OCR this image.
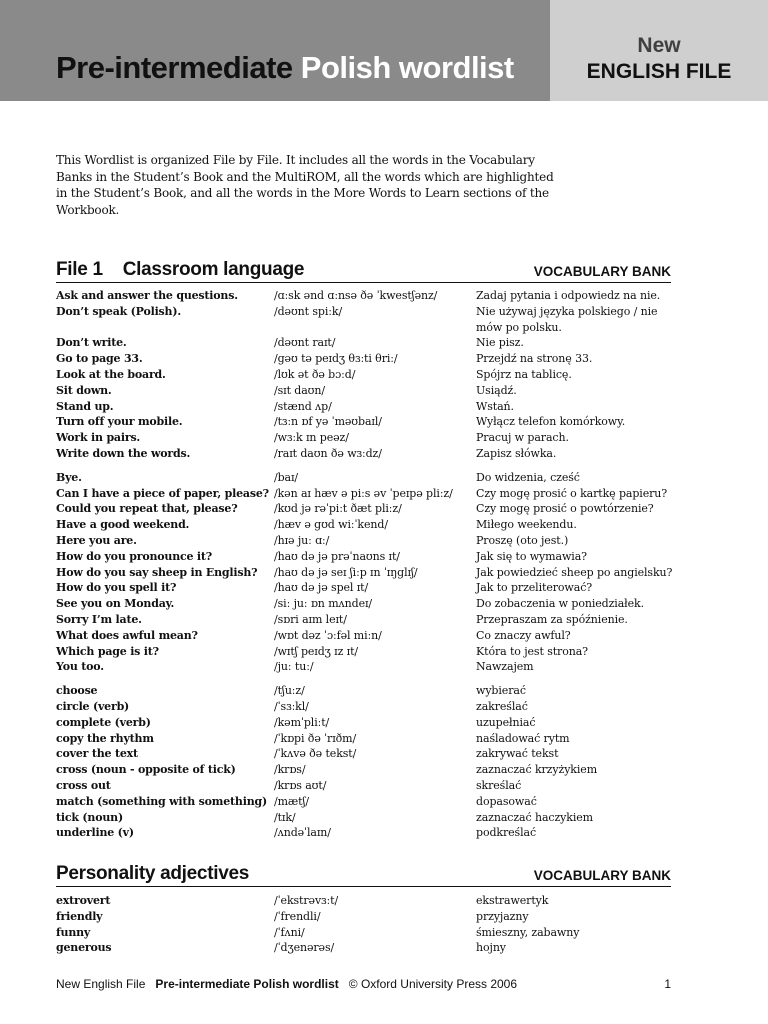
Pre-intermediate Polish wordlist
New
ENGLISH FILE

This Wordlist is organized File by File. It includes all the words in the Vocabulary Banks in the Student’s Book and the MultiROM, all the words which are highlighted in the Student’s Book, and all the words in the More Words to Learn sections of the Workbook.

File 1    Classroom language	VOCABULARY BANK
Ask and answer the questions.	/ɑːsk ənd ɑːnsə ðə ˈkwestʃənz/	Zadaj pytania i odpowiedz na nie.
Don’t speak (Polish).	/dəʊnt spiːk/	Nie używaj języka polskiego / nie mów po polsku.
Don’t write.	/dəʊnt raɪt/	Nie pisz.
Go to page 33.	/gəʊ tə peɪdʒ θɜːti θriː/	Przejdź na stronę 33.
Look at the board.	/lʊk ət ðə bɔːd/	Spójrz na tablicę.
Sit down.	/sɪt daʊn/	Usiądź.
Stand up.	/stænd ʌp/	Wstań.
Turn off your mobile.	/tɜːn ɒf yə ˈməʊbaɪl/	Wyłącz telefon komórkowy.
Work in pairs.	/wɜːk ɪn peəz/	Pracuj w parach.
Write down the words.	/raɪt daʊn ðə wɜːdz/	Zapisz słówka.
Bye.	/baɪ/	Do widzenia, cześć
Can I have a piece of paper, please? /kən aɪ hæv ə piːs əv ˈpeɪpə pliːz/ Czy mogę prosić o kartkę papieru?
Could you repeat that, please?	/kʊd jə rəˈpiːt ðæt pliːz/	Czy mogę prosić o powtórzenie?
Have a good weekend.	/hæv ə gʊd wiːˈkend/	Miłego weekendu.
Here you are.	/hɪə juː ɑː/	Proszę (oto jest.)
How do you pronounce it?	/haʊ də jə prəˈnaʊns ɪt/	Jak się to wymawia?
How do you say sheep in English? /haʊ də jə seɪ ʃiːp ɪn ˈɪŋglɪʃ/	Jak powiedzieć sheep po angielsku?
How do you spell it?	/haʊ də jə spel ɪt/	Jak to przeliterować?
See you on Monday.	/siː juː ɒn mʌndeɪ/	Do zobaczenia w poniedziałek.
Sorry I’m late.	/sɒri aɪm leɪt/	Przepraszam za spóźnienie.
What does awful mean?	/wɒt dəz ˈɔːfəl miːn/	Co znaczy awful?
Which page is it?	/wɪtʃ peɪdʒ ɪz ɪt/	Która to jest strona?
You too.	/juː tuː/	Nawzajem
choose	/tʃuːz/	wybierać
circle (verb)	/ˈsɜːkl/	zakreślać
complete (verb)	/kəmˈpliːt/	uzupełniać
copy the rhythm	/ˈkɒpi ðə ˈrɪðm/	naśladować rytm
cover the text	/ˈkʌvə ðə tekst/	zakrywać tekst
cross (noun - opposite of tick)	/krɒs/	zaznaczać krzyżykiem
cross out	/krɒs aʊt/	skreślać
match (something with something) /mætʃ/	dopasować
tick (noun)	/tɪk/	zaznaczać haczykiem
underline (v)	/ʌndəˈlaɪn/	podkreślać
Personality adjectives	VOCABULARY BANK
extrovert	/ˈekstrəvɜːt/	ekstrawertyk
friendly	/ˈfrendli/	przyjazny
funny	/ˈfʌni/	śmieszny, zabawny
generous	/ˈdʒenərəs/	hojny
New English File Pre-intermediate Polish wordlist © Oxford University Press 2006	1
